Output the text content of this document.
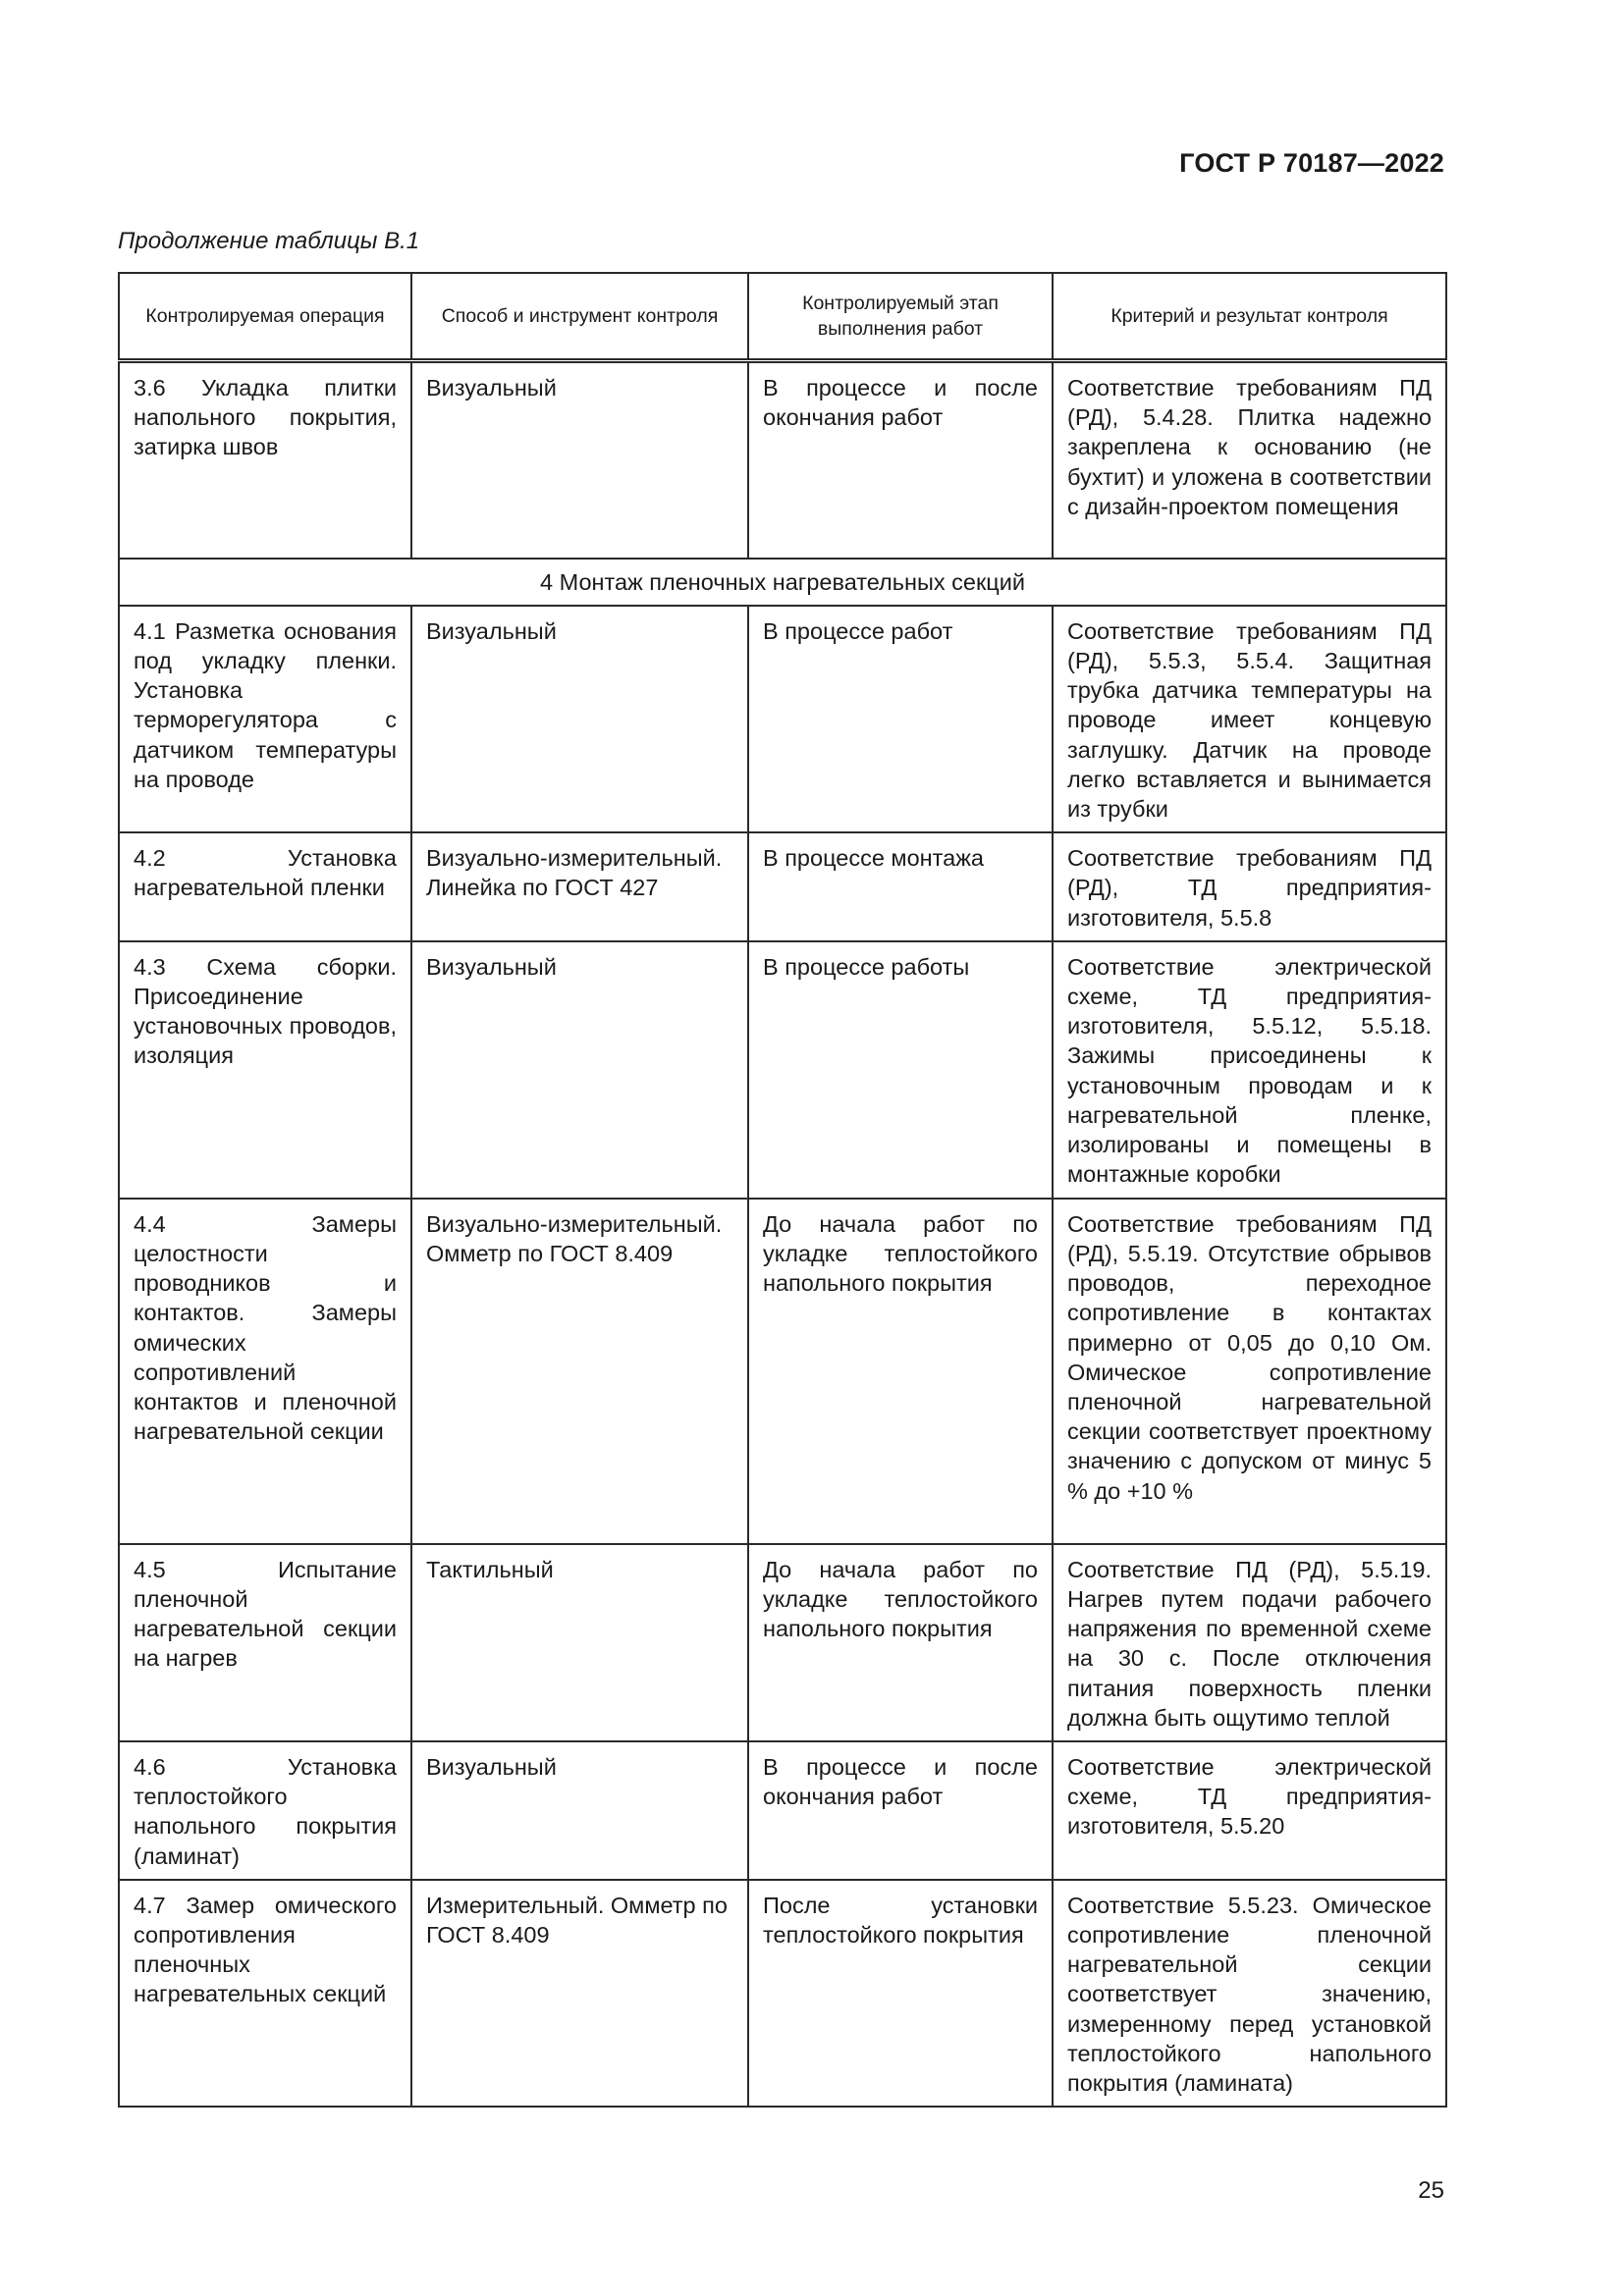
ГОСТ Р 70187—2022
Продолжение таблицы В.1
Контролируемая операция	Способ и инструмент контроля	Контролируемый этап выполнения работ	Критерий и результат контроля
3.6 Укладка плитки напольного покрытия, затирка швов	Визуальный	В процессе и после окончания работ	Соответствие требованиям ПД (РД), 5.4.28. Плитка надежно закреплена к основанию (не бухтит) и уложена в соответствии с дизайн-проектом помещения
4 Монтаж пленочных нагревательных секций			
4.1 Разметка основания под укладку пленки. Установка терморегулятора с датчиком температуры на проводе	Визуальный	В процессе работ	Соответствие требованиям ПД (РД), 5.5.3, 5.5.4. Защитная трубка датчика температуры на проводе имеет концевую заглушку. Датчик на проводе легко вставляется и вынимается из трубки
4.2 Установка нагревательной пленки	Визуально-измерительный. Линейка по ГОСТ 427	В процессе монтажа	Соответствие требованиям ПД (РД), ТД предприятия-изготовителя, 5.5.8
4.3 Схема сборки. Присоединение установочных проводов, изоляция	Визуальный	В процессе работы	Соответствие электрической схеме, ТД предприятия-изготовителя, 5.5.12, 5.5.18. Зажимы присоединены к установочным проводам и к нагревательной пленке, изолированы и помещены в монтажные коробки
4.4 Замеры целостности проводников и контактов. Замеры омических сопротивлений контактов и пленочной нагревательной секции	Визуально-измерительный. Омметр по ГОСТ 8.409	До начала работ по укладке теплостойкого напольного покрытия	Соответствие требованиям ПД (РД), 5.5.19. Отсутствие обрывов проводов, переходное сопротивление в контактах примерно от 0,05 до 0,10 Ом. Омическое сопротивление пленочной нагревательной секции соответствует проектному значению с допуском от минус 5 % до +10 %
4.5 Испытание пленочной нагревательной секции на нагрев	Тактильный	До начала работ по укладке теплостойкого напольного покрытия	Соответствие ПД (РД), 5.5.19. Нагрев путем подачи рабочего напряжения по временной схеме на 30 с. После отключения питания поверхность пленки должна быть ощутимо теплой
4.6 Установка теплостойкого напольного покрытия (ламинат)	Визуальный	В процессе и после окончания работ	Соответствие электрической схеме, ТД предприятия-изготовителя, 5.5.20
4.7 Замер омического сопротивления пленочных нагревательных секций	Измерительный. Омметр по ГОСТ 8.409	После установки теплостойкого покрытия	Соответствие 5.5.23. Омическое сопротивление пленочной нагревательной секции соответствует значению, измеренному перед установкой теплостойкого напольного покрытия (ламината)
25
